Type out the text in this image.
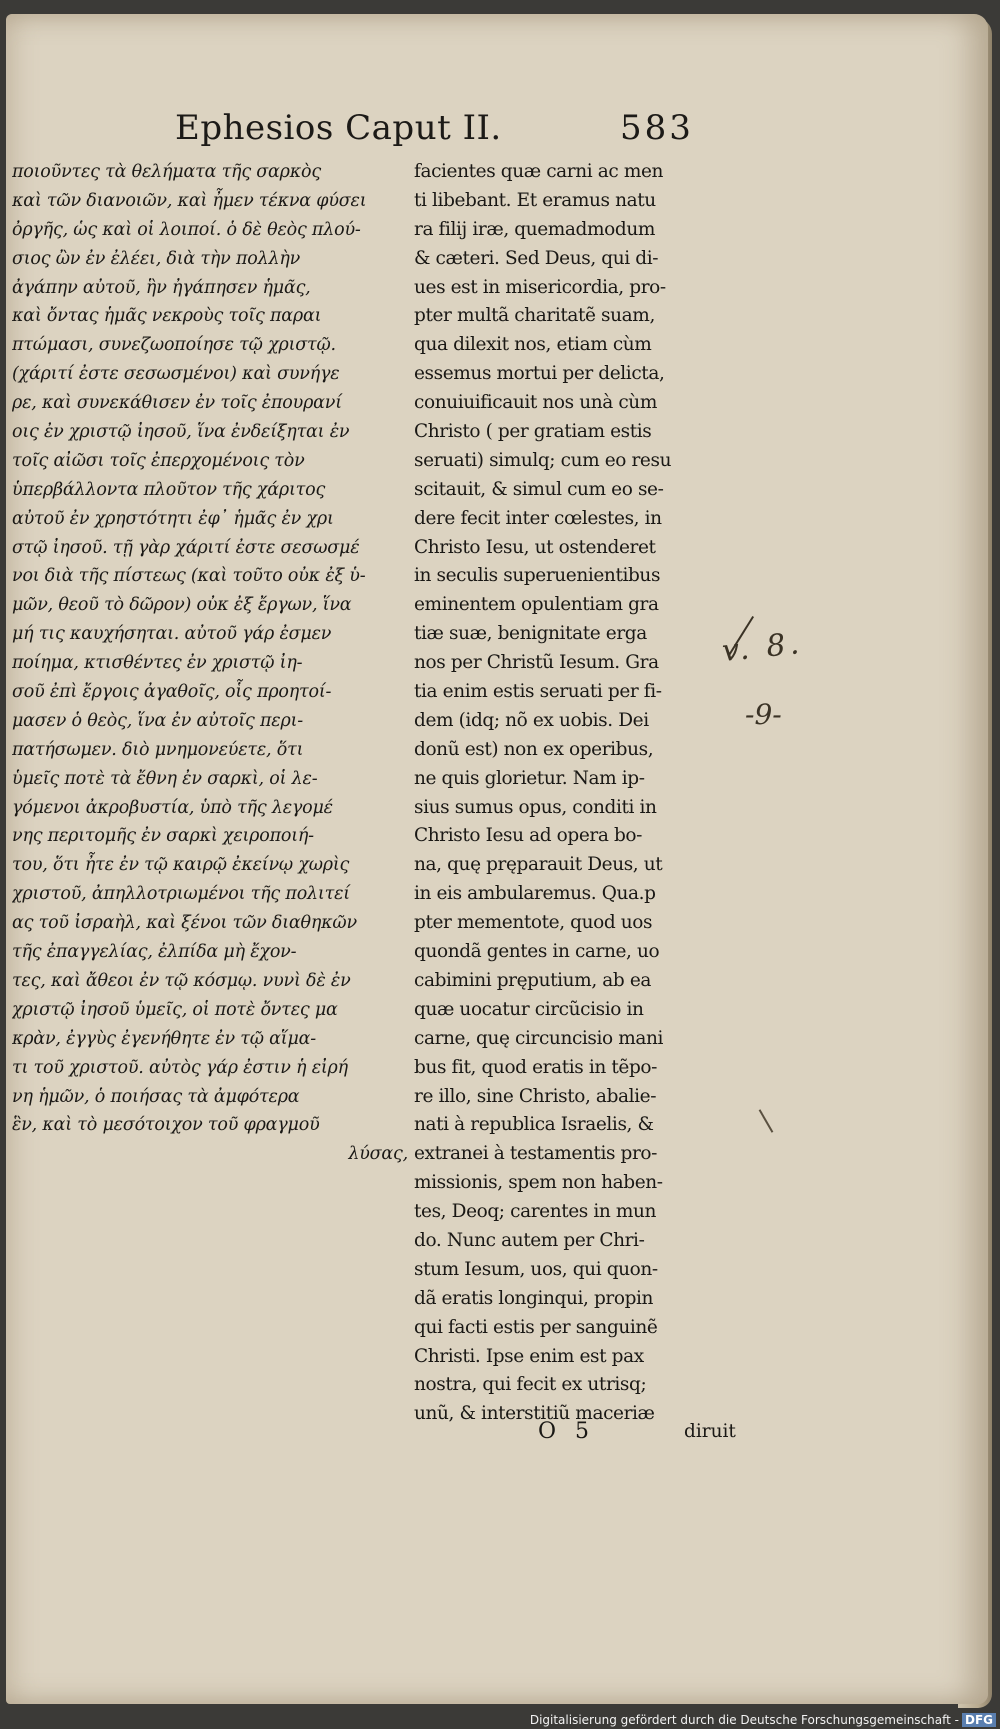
Ephesios Caput II.	583
ποιοῦντες τὰ θελήματα τῆς σαρκὸς
καὶ τῶν διανοιῶν, καὶ ἦμεν τέκνα φύσει
ὀργῆς, ὡς καὶ οἱ λοιποί. ὁ δὲ θεὸς πλού-
σιος ὢν ἐν ἐλέει, διὰ τὴν πολλὴν
ἀγάπην αὐτοῦ, ἣν ἠγάπησεν ἡμᾶς,
καὶ ὄντας ἡμᾶς νεκροὺς τοῖς παραι
πτώμασι, συνεζωοποίησε τῷ χριστῷ.
(χάριτί ἐστε σεσωσμένοι) καὶ συνήγε
ρε, καὶ συνεκάθισεν ἐν τοῖς ἐπουρανί
οις ἐν χριστῷ ἰησοῦ, ἵνα ἐνδείξηται ἐν
τοῖς αἰῶσι τοῖς ἐπερχομένοις τὸν
ὑπερβάλλοντα πλοῦτον τῆς χάριτος
αὐτοῦ ἐν χρηστότητι ἐφ᾽ ἡμᾶς ἐν χρι
στῷ ἰησοῦ. τῇ γὰρ χάριτί ἐστε σεσωσμέ
νοι διὰ τῆς πίστεως (καὶ τοῦτο οὐκ ἐξ ὑ-
μῶν, θεοῦ τὸ δῶρον) οὐκ ἐξ ἔργων, ἵνα
μή τις καυχήσηται. αὐτοῦ γάρ ἐσμεν
ποίημα, κτισθέντες ἐν χριστῷ ἰη-
σοῦ ἐπὶ ἔργοις ἀγαθοῖς, οἷς προητοί-
μασεν ὁ θεὸς, ἵνα ἐν αὐτοῖς περι-
πατήσωμεν. διὸ μνημονεύετε, ὅτι
ὑμεῖς ποτὲ τὰ ἔθνη ἐν σαρκὶ, οἱ λε-
γόμενοι ἀκροβυστία, ὑπὸ τῆς λεγομέ
νης περιτομῆς ἐν σαρκὶ χειροποιή-
του, ὅτι ἦτε ἐν τῷ καιρῷ ἐκείνῳ χωρὶς
χριστοῦ, ἀπηλλοτριωμένοι τῆς πολιτεί
ας τοῦ ἰσραὴλ, καὶ ξένοι τῶν διαθηκῶν
τῆς ἐπαγγελίας, ἐλπίδα μὴ ἔχον-
τες, καὶ ἄθεοι ἐν τῷ κόσμῳ. νυνὶ δὲ ἐν
χριστῷ ἰησοῦ ὑμεῖς, οἱ ποτὲ ὄντες μα
κρὰν, ἐγγὺς ἐγενήθητε ἐν τῷ αἵμα-
τι τοῦ χριστοῦ. αὐτὸς γάρ ἐστιν ἡ εἰρή
νη ἡμῶν, ὁ ποιήσας τὰ ἀμφότερα
ἓν, καὶ τὸ μεσότοιχον τοῦ φραγμοῦ
λύσας,
facientes quæ carni ac men
ti libebant. Et eramus natu
ra filij iræ, quemadmodum
& cæteri. Sed Deus, qui di-
ues est in misericordia, pro-
pter multã charitatẽ suam,
qua dilexit nos, etiam cùm
essemus mortui per delicta,
conuiuificauit nos unà cùm
Christo ( per gratiam estis
seruati) simulq; cum eo resu
scitauit, & simul cum eo se-
dere fecit inter cœlestes, in
Christo Iesu, ut ostenderet
in seculis superuenientibus
eminentem opulentiam gra
tiæ suæ, benignitate erga
nos per Christũ Iesum. Gra
tia enim estis seruati per fi-
dem (idq; nõ ex uobis. Dei
donũ est) non ex operibus,
ne quis glorietur. Nam ip-
sius sumus opus, conditi in
Christo Iesu ad opera bo-
na, quę pręparauit Deus, ut
in eis ambularemus. Qua.p
pter mementote, quod uos
quondã gentes in carne, uo
cabimini pręputium, ab ea
quæ uocatur circũcisio in
carne, quę circuncisio mani
bus fit, quod eratis in tẽpo-
re illo, sine Christo, abalie-
nati à republica Israelis, &
extranei à testamentis pro-
missionis, spem non haben-
tes, Deoq; carentes in mun
do. Nunc autem per Chri-
stum Iesum, uos, qui quon-
dã eratis longinqui, propin
qui facti estis per sanguinẽ
Christi. Ipse enim est pax
nostra, qui fecit ex utrisq;
unũ, & interstitiũ maceriæ
O 5	diruit
v. 8.
-9-
Digitalisierung gefördert durch die Deutsche Forschungsgemeinschaft - DFG
